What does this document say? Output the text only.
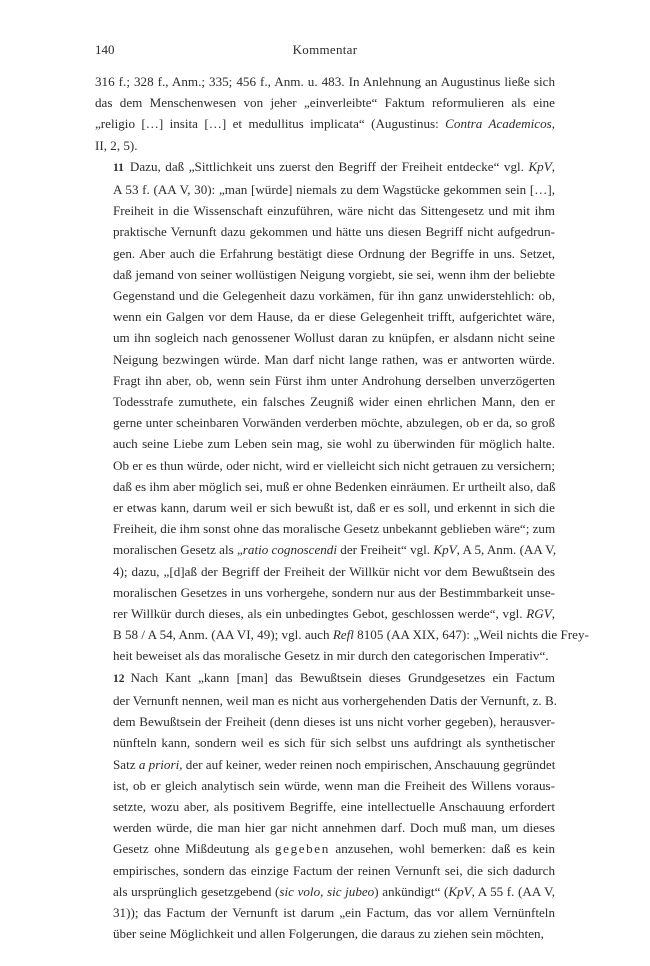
140	Kommentar
316 f.; 328 f., Anm.; 335; 456 f., Anm. u. 483. In Anlehnung an Augustinus ließe sich
das dem Menschenwesen von jeher „einverleibte“ Faktum reformulieren als eine
„religio […] insita […] et medullitus implicata“ (Augustinus: Contra Academicos,
II, 2, 5).
11 Dazu, daß „Sittlichkeit uns zuerst den Begriff der Freiheit entdecke“ vgl. KpV,
A 53 f. (AA V, 30): „man [würde] niemals zu dem Wagstücke gekommen sein […],
Freiheit in die Wissenschaft einzuführen, wäre nicht das Sittengesetz und mit ihm
praktische Vernunft dazu gekommen und hätte uns diesen Begriff nicht aufgedrun-
gen. Aber auch die Erfahrung bestätigt diese Ordnung der Begriffe in uns. Setzet,
daß jemand von seiner wollüstigen Neigung vorgiebt, sie sei, wenn ihm der beliebte
Gegenstand und die Gelegenheit dazu vorkämen, für ihn ganz unwiderstehlich: ob,
wenn ein Galgen vor dem Hause, da er diese Gelegenheit trifft, aufgerichtet wäre,
um ihn sogleich nach genossener Wollust daran zu knüpfen, er alsdann nicht seine
Neigung bezwingen würde. Man darf nicht lange rathen, was er antworten würde.
Fragt ihn aber, ob, wenn sein Fürst ihm unter Androhung derselben unverzögerten
Todesstrafe zumuthete, ein falsches Zeugniß wider einen ehrlichen Mann, den er
gerne unter scheinbaren Vorwänden verderben möchte, abzulegen, ob er da, so groß
auch seine Liebe zum Leben sein mag, sie wohl zu überwinden für möglich halte.
Ob er es thun würde, oder nicht, wird er vielleicht sich nicht getrauen zu versichern;
daß es ihm aber möglich sei, muß er ohne Bedenken einräumen. Er urtheilt also, daß
er etwas kann, darum weil er sich bewußt ist, daß er es soll, und erkennt in sich die
Freiheit, die ihm sonst ohne das moralische Gesetz unbekannt geblieben wäre“; zum
moralischen Gesetz als „ratio cognoscendi der Freiheit“ vgl. KpV, A 5, Anm. (AA V,
4); dazu, „[d]aß der Begriff der Freiheit der Willkür nicht vor dem Bewußtsein des
moralischen Gesetzes in uns vorhergehe, sondern nur aus der Bestimmbarkeit unse-
rer Willkür durch dieses, als ein unbedingtes Gebot, geschlossen werde“, vgl. RGV,
B 58 / A 54, Anm. (AA VI, 49); vgl. auch Refl 8105 (AA XIX, 647): „Weil nichts die Frey-
heit beweiset als das moralische Gesetz in mir durch den categorischen Imperativ“.
12 Nach Kant „kann [man] das Bewußtsein dieses Grundgesetzes ein Factum
der Vernunft nennen, weil man es nicht aus vorhergehenden Datis der Vernunft, z. B.
dem Bewußtsein der Freiheit (denn dieses ist uns nicht vorher gegeben), herausver-
nünfteln kann, sondern weil es sich für sich selbst uns aufdringt als synthetischer
Satz a priori, der auf keiner, weder reinen noch empirischen, Anschauung gegründet
ist, ob er gleich analytisch sein würde, wenn man die Freiheit des Willens voraus-
setzte, wozu aber, als positivem Begriffe, eine intellectuelle Anschauung erfordert
werden würde, die man hier gar nicht annehmen darf. Doch muß man, um dieses
Gesetz ohne Mißdeutung als gegeben anzusehen, wohl bemerken: daß es kein
empirisches, sondern das einzige Factum der reinen Vernunft sei, die sich dadurch
als ursprünglich gesetzgebend (sic volo, sic jubeo) ankündigt“ (KpV, A 55 f. (AA V,
31)); das Factum der Vernunft ist darum „ein Factum, das vor allem Vernünfteln
über seine Möglichkeit und allen Folgerungen, die daraus zu ziehen sein möchten,
